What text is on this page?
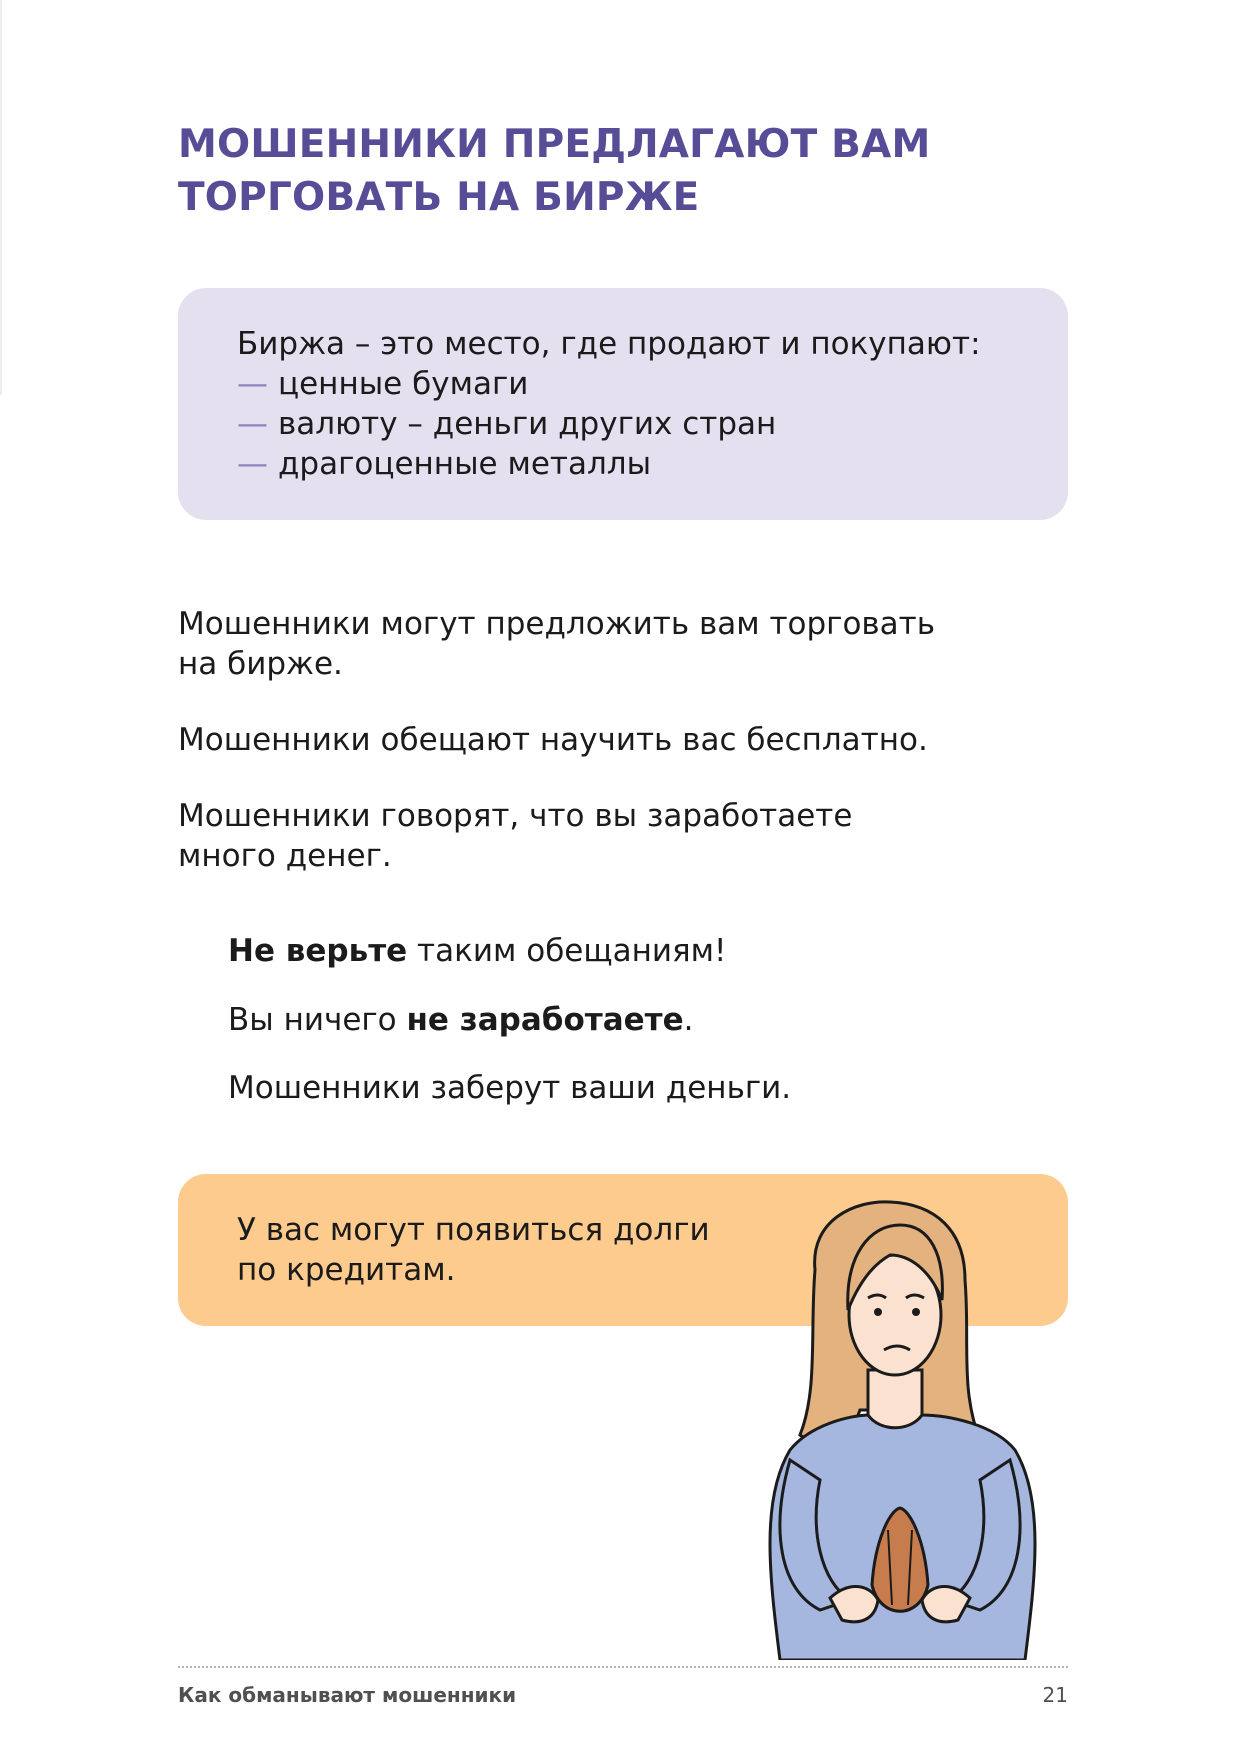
МОШЕННИКИ ПРЕДЛАГАЮТ ВАМ
ТОРГОВАТЬ НА БИРЖЕ
Биржа – это место, где продают и покупают:
— ценные бумаги
— валюту – деньги других стран
— драгоценные металлы

Мошенники могут предложить вам торговать
на бирже.

Мошенники обещают научить вас бесплатно.

Мошенники говорят, что вы заработаете
много денег.

Не верьте таким обещаниям!

Вы ничего не заработаете.

Мошенники заберут ваши деньги.

У вас могут появиться долги
по кредитам.
Как обманывают мошенники	21
